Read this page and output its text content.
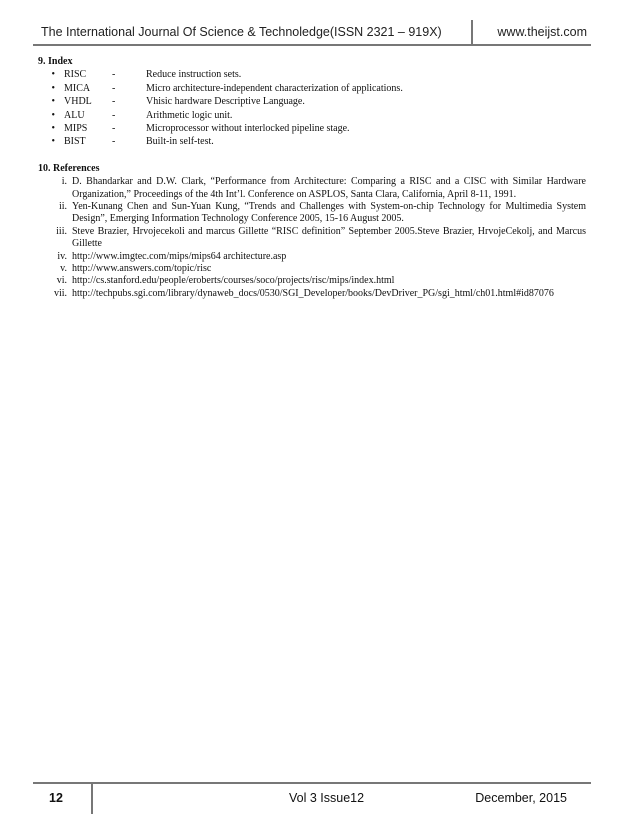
The International Journal Of Science & Technoledge(ISSN 2321 – 919X)	www.theijst.com
9. Index
• RISC	-	Reduce instruction sets.
• MICA	-	Micro architecture-independent characterization of applications.
• VHDL	-	Vhisic hardware Descriptive Language.
• ALU	-	Arithmetic logic unit.
• MIPS	-	Microprocessor without interlocked pipeline stage.
• BIST	-	Built-in self-test.
10. References
i. D. Bhandarkar and D.W. Clark, “Performance from Architecture: Comparing a RISC and a CISC with Similar Hardware Organization,” Proceedings of the 4th Int’l. Conference on ASPLOS, Santa Clara, California, April 8-11, 1991.
ii. Yen-Kunang Chen and Sun-Yuan Kung, “Trends and Challenges with System-on-chip Technology for Multimedia System Design”, Emerging Information Technology Conference 2005, 15-16 August 2005.
iii. Steve Brazier, Hrvojecekoli and marcus Gillette “RISC definition” September 2005.Steve Brazier, HrvojeCekolj, and Marcus Gillette
iv. http://www.imgtec.com/mips/mips64 architecture.asp
v. http://www.answers.com/topic/risc
vi. http://cs.stanford.edu/people/eroberts/courses/soco/projects/risc/mips/index.html
vii. http://techpubs.sgi.com/library/dynaweb_docs/0530/SGI_Developer/books/DevDriver_PG/sgi_html/ch01.html#id87076
12	Vol 3 Issue12	December, 2015
